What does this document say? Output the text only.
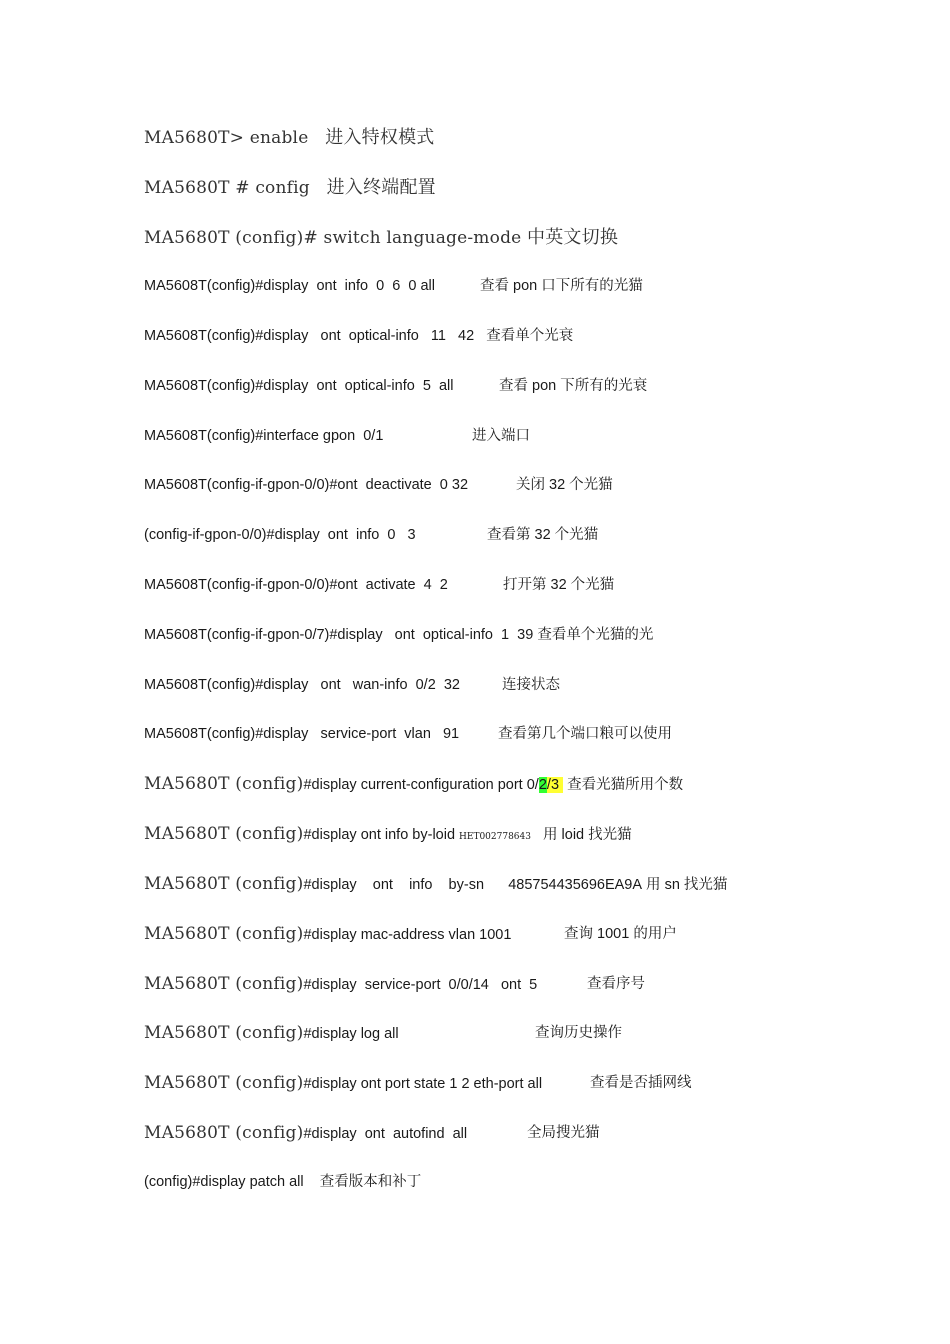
MA5680T> enable 进入特权模式
MA5680T # config 进入终端配置
MA5680T (config)# switch language-mode 中英文切换
MA5608T(config)#display  ont  info  0  6  0 all	查看 pon 口下所有的光猫
MA5608T(config)#display   ont  optical-info   11   42 查看单个光衰
MA5608T(config)#display  ont  optical-info  5  all	查看 pon 下所有的光衰
MA5608T(config)#interface gpon  0/1	进入端口
MA5608T(config-if-gpon-0/0)#ont  deactivate  0 32	关闭 32 个光猫
(config-if-gpon-0/0)#display  ont  info  0   3	查看第 32 个光猫
MA5608T(config-if-gpon-0/0)#ont  activate  4  2	打开第 32 个光猫
MA5608T(config-if-gpon-0/7)#display   ont  optical-info  1  39 查看单个光猫的光
MA5608T(config)#display   ont   wan-info  0/2  32	连接状态
MA5608T(config)#display   service-port  vlan   91	查看第几个端口粮可以使用
MA5680T (config)#display current-configuration port 0/2/3 查看光猫所用个数
MA5680T (config)#display ont info by-loid HET002778643 用 loid 找光猫
MA5680T (config)#display    ont    info    by-sn      485754435696EA9A 用 sn 找光猫
MA5680T (config)#display mac-address vlan 1001	查询 1001 的用户
MA5680T (config)#display  service-port  0/0/14   ont  5	查看序号
MA5680T (config)#display log all	查询历史操作
MA5680T (config)#display ont port state 1 2 eth-port all	查看是否插网线
MA5680T (config)#display  ont  autofind  all	全局搜光猫
(config)#display patch all 查看版本和补丁
